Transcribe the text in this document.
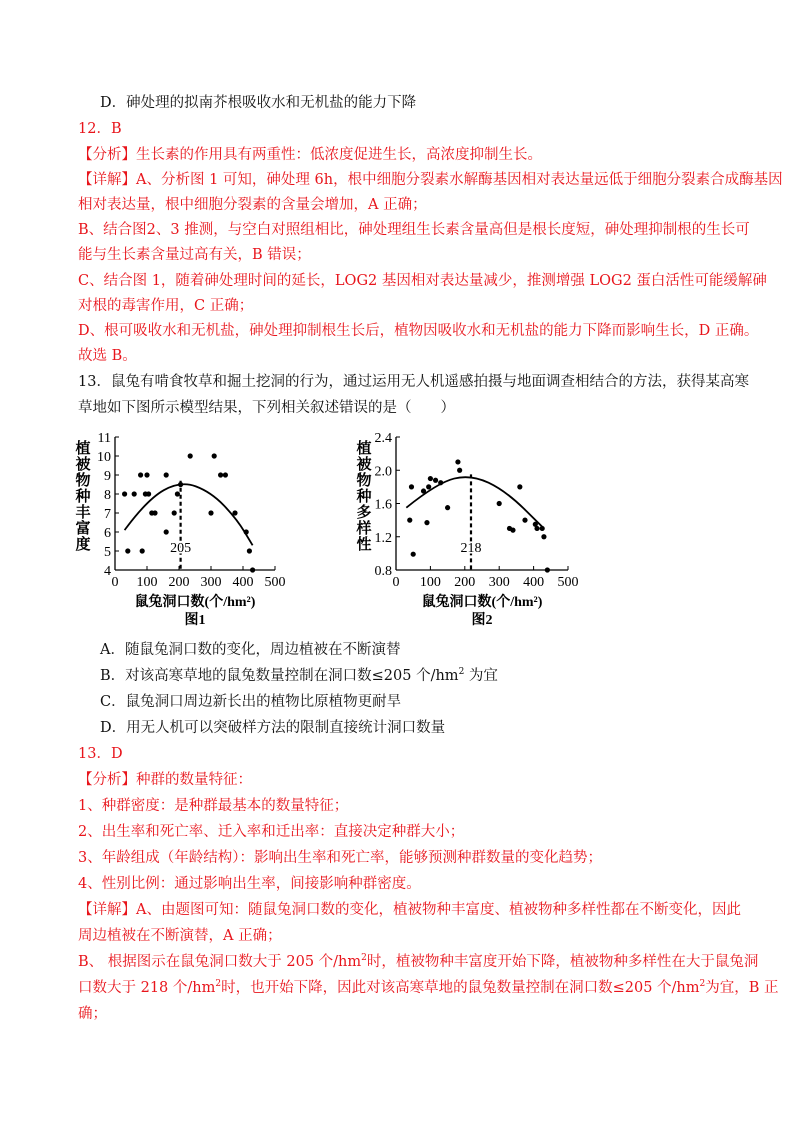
D．砷处理的拟南芥根吸收水和无机盐的能力下降
12．B
【分析】生长素的作用具有两重性：低浓度促进生长，高浓度抑制生长。
【详解】A、分析图 1 可知，砷处理 6h，根中细胞分裂素水解酶基因相对表达量远低于细胞分裂素合成酶基因
相对表达量，根中细胞分裂素的含量会增加，A 正确；
B、结合图2、3 推测，与空白对照组相比，砷处理组生长素含量高但是根长度短，砷处理抑制根的生长可
能与生长素含量过高有关，B 错误；
C、结合图 1，随着砷处理时间的延长，LOG2 基因相对表达量减少，推测增强 LOG2 蛋白活性可能缓解砷
对根的毒害作用，C 正确；
D、根可吸收水和无机盐，砷处理抑制根生长后，植物因吸收水和无机盐的能力下降而影响生长，D 正确。
故选 B。
13．鼠兔有啃食牧草和掘土挖洞的行为，通过运用无人机遥感拍摄与地面调查相结合的方法，获得某高寒
草地如下图所示模型结果，下列相关叙述错误的是（　　）
4
5
6
7
8
9
10
11
0 100 200 300 400 500
植
被
物
种
丰
富
度
鼠兔洞口数(个/hm²)
图1
205
0.8
1.2
1.6
2.0
2.4
0 100 200 300 400 500
植
被
物
种
多
样
性
鼠兔洞口数(个/hm²)
图2
218
A．随鼠兔洞口数的变化，周边植被在不断演替
B．对该高寒草地的鼠兔数量控制在洞口数≤205 个$/hm^2$ 为宜
C．鼠兔洞口周边新长出的植物比原植物更耐旱
D．用无人机可以突破样方法的限制直接统计洞口数量
13．D
【分析】种群的数量特征：
1、种群密度：是种群最基本的数量特征；
2、出生率和死亡率、迁入率和迁出率：直接决定种群大小；
3、年龄组成（年龄结构）：影响出生率和死亡率，能够预测种群数量的变化趋势；
4、性别比例：通过影响出生率，间接影响种群密度。
【详解】A、由题图可知：随鼠兔洞口数的变化，植被物种丰富度、植被物种多样性都在不断变化，因此
周边植被在不断演替，A 正确；
B、 根据图示在鼠兔洞口数大于 205 个$/hm^2$时，植被物种丰富度开始下降，植被物种多样性在大于鼠兔洞
口数大于 218 个$/hm^2$时，也开始下降，因此对该高寒草地的鼠兔数量控制在洞口数≤205 个$/hm^2$为宜，B 正
确；
